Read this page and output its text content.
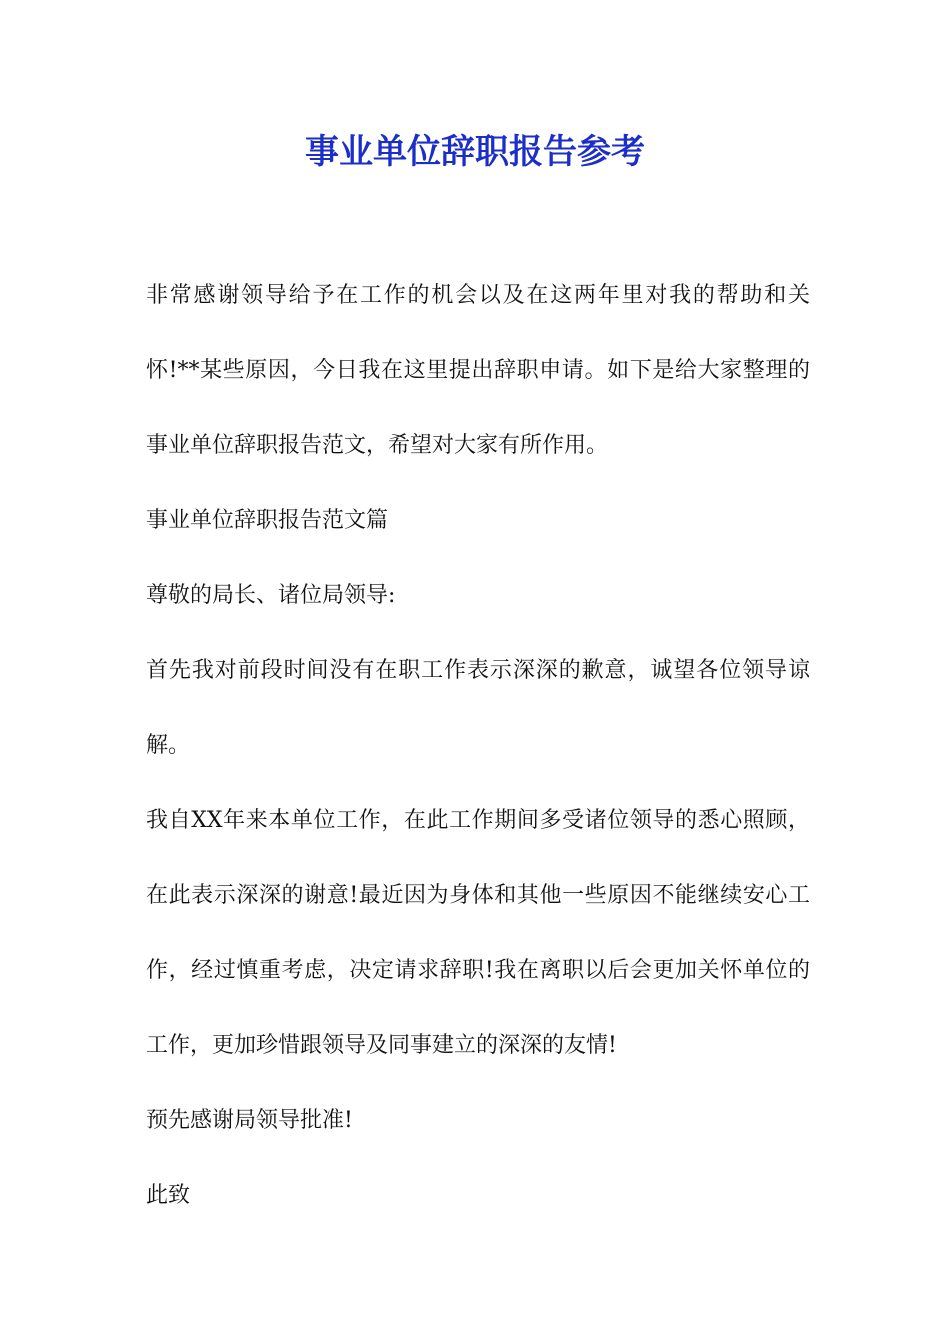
事业单位辞职报告参考

非常感谢领导给予在工作的机会以及在这两年里对我的帮助和关怀!**某些原因，今日我在这里提出辞职申请。如下是给大家整理的事业单位辞职报告范文，希望对大家有所作用。

事业单位辞职报告范文篇

尊敬的局长、诸位局领导:

首先我对前段时间没有在职工作表示深深的歉意，诚望各位领导谅解。

我自XX年来本单位工作，在此工作期间多受诸位领导的悉心照顾，在此表示深深的谢意!最近因为身体和其他一些原因不能继续安心工作，经过慎重考虑，决定请求辞职!我在离职以后会更加关怀单位的工作，更加珍惜跟领导及同事建立的深深的友情!

预先感谢局领导批准!

此致
